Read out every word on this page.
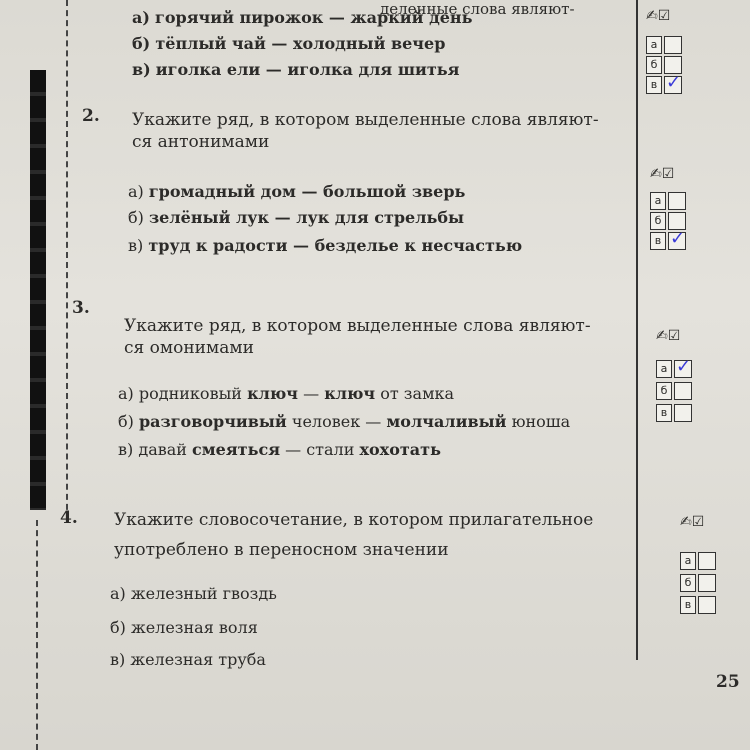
деленные слова являют-
а) горячий пирожок — жаркий день
б) тёплый чай — холодный вечер
в) иголка ели — иголка для шитья
✍☑
а
б
в ✓
2. Укажите ряд, в котором выделенные слова являют-
ся антонимами
а) громадный дом — большой зверь
б) зелёный лук — лук для стрельбы
в) труд к радости — безделье к несчастью
✍☑
а
б
в ✓
3.
Укажите ряд, в котором выделенные слова являют-
ся омонимами
а) родниковый ключ — ключ от замка
б) разговорчивый человек — молчаливый юноша
в) давай смеяться — стали хохотать
✍☑
а ✓
б
в
4. Укажите словосочетание, в котором прилагательное
употреблено в переносном значении
а) железный гвоздь
б) железная воля
в) железная труба
✍☑
а
б
в
25
